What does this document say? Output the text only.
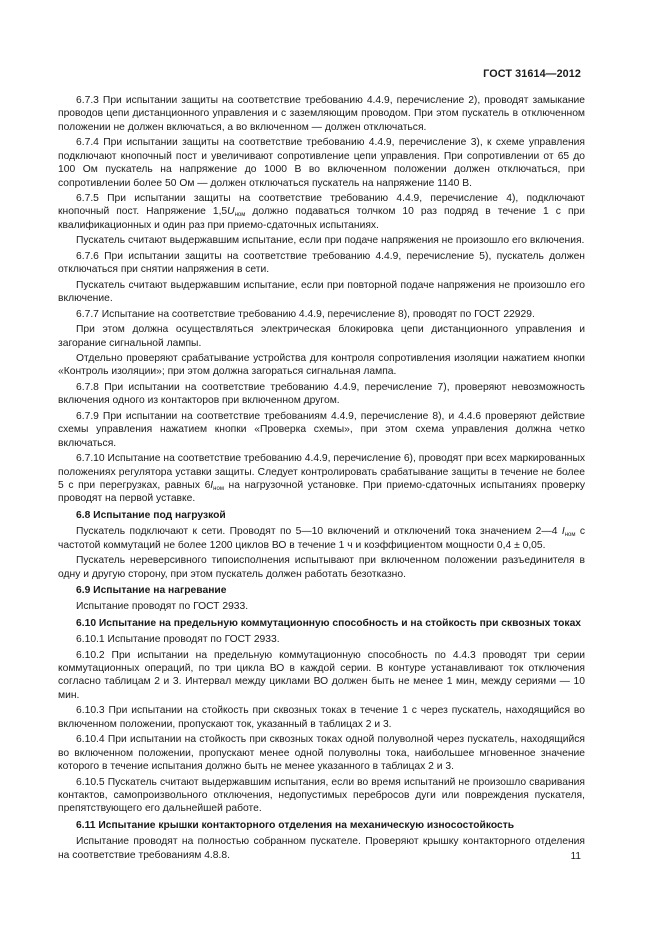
ГОСТ 31614—2012

6.7.3 При испытании защиты на соответствие требованию 4.4.9, перечисление 2), проводят замыкание проводов цепи дистанционного управления и с заземляющим проводом. При этом пускатель в отключенном положении не должен включаться, а во включенном — должен отключаться.

6.7.4 При испытании защиты на соответствие требованию 4.4.9, перечисление 3), к схеме управления подключают кнопочный пост и увеличивают сопротивление цепи управления. При сопротивлении от 65 до 100 Ом пускатель на напряжение до 1000 В во включенном положении должен отключаться, при сопротивлении более 50 Ом — должен отключаться пускатель на напряжение 1140 В.

6.7.5 При испытании защиты на соответствие требованию 4.4.9, перечисление 4), подключают кнопочный пост. Напряжение $1,5U_{ном}$ должно подаваться толчком 10 раз подряд в течение 1 с при квалификационных и один раз при приемо-сдаточных испытаниях.

Пускатель считают выдержавшим испытание, если при подаче напряжения не произошло его включения.

6.7.6 При испытании защиты на соответствие требованию 4.4.9, перечисление 5), пускатель должен отключаться при снятии напряжения в сети.

Пускатель считают выдержавшим испытание, если при повторной подаче напряжения не произошло его включение.

6.7.7 Испытание на соответствие требованию 4.4.9, перечисление 8), проводят по ГОСТ 22929.

При этом должна осуществляться электрическая блокировка цепи дистанционного управления и загорание сигнальной лампы.

Отдельно проверяют срабатывание устройства для контроля сопротивления изоляции нажатием кнопки «Контроль изоляции»; при этом должна загораться сигнальная лампа.

6.7.8 При испытании на соответствие требованию 4.4.9, перечисление 7), проверяют невозможность включения одного из контакторов при включенном другом.

6.7.9 При испытании на соответствие требованиям 4.4.9, перечисление 8), и 4.4.6 проверяют действие схемы управления нажатием кнопки «Проверка схемы», при этом схема управления должна четко включаться.

6.7.10 Испытание на соответствие требованию 4.4.9, перечисление 6), проводят при всех маркированных положениях регулятора уставки защиты. Следует контролировать срабатывание защиты в течение не более 5 с при перегрузках, равных $6I_{ном}$ на нагрузочной установке. При приемо-сдаточных испытаниях проверку проводят на первой уставке.

6.8 Испытание под нагрузкой

Пускатель подключают к сети. Проводят по 5—10 включений и отключений тока значением 2—4 $I_{ном}$ с частотой коммутаций не более 1200 циклов ВО в течение 1 ч и коэффициентом мощности 0,4 ± 0,05.

Пускатель нереверсивного типоисполнения испытывают при включенном положении разъединителя в одну и другую сторону, при этом пускатель должен работать безотказно.

6.9 Испытание на нагревание

Испытание проводят по ГОСТ 2933.

6.10 Испытание на предельную коммутационную способность и на стойкость при сквозных токах

6.10.1 Испытание проводят по ГОСТ 2933.

6.10.2 При испытании на предельную коммутационную способность по 4.4.3 проводят три серии коммутационных операций, по три цикла ВО в каждой серии. В контуре устанавливают ток отключения согласно таблицам 2 и 3. Интервал между циклами ВО должен быть не менее 1 мин, между сериями — 10 мин.

6.10.3 При испытании на стойкость при сквозных токах в течение 1 с через пускатель, находящийся во включенном положении, пропускают ток, указанный в таблицах 2 и 3.

6.10.4 При испытании на стойкость при сквозных токах одной полуволной через пускатель, находящийся во включенном положении, пропускают менее одной полуволны тока, наибольшее мгновенное значение которого в течение испытания должно быть не менее указанного в таблицах 2 и 3.

6.10.5 Пускатель считают выдержавшим испытания, если во время испытаний не произошло сваривания контактов, самопроизвольного отключения, недопустимых перебросов дуги или повреждения пускателя, препятствующего его дальнейшей работе.

6.11 Испытание крышки контакторного отделения на механическую износостойкость

Испытание проводят на полностью собранном пускателе. Проверяют крышку контакторного отделения на соответствие требованиям 4.8.8.	11
